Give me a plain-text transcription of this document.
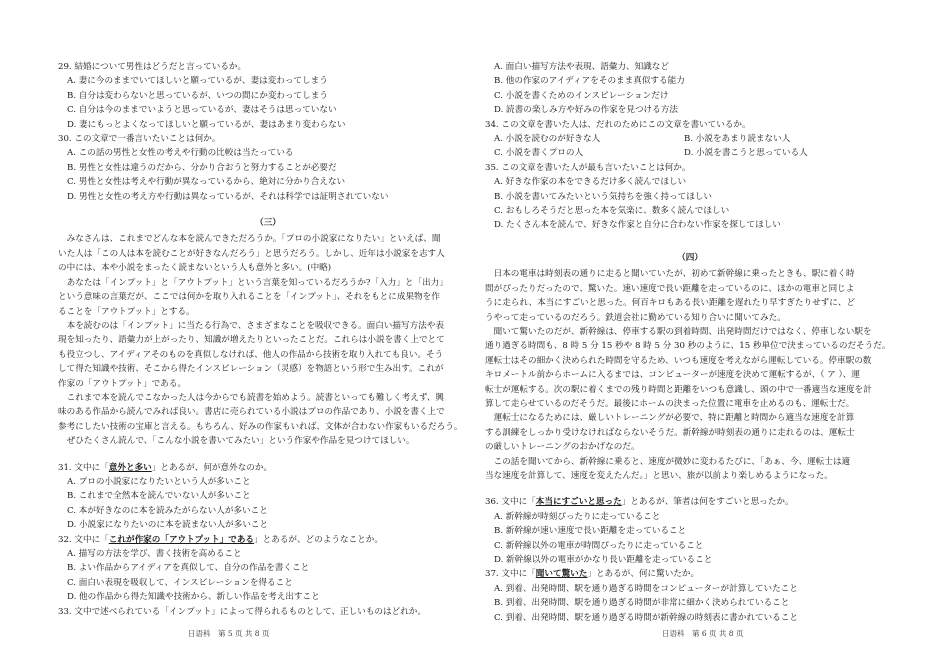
29. 結婚について男性はどうだと言っているか。
A. 妻に今のままでいてほしいと願っているが、妻は変わってしまう
B. 自分は変わらないと思っているが、いつの間にか変わってしまう
C. 自分は今のままでいようと思っているが、妻はそうは思っていない
D. 妻にもっとよくなってほしいと願っているが、妻はあまり変わらない
30. この文章で一番言いたいことは何か。
A. この話の男性と女性の考えや行動の比較は当たっている
B. 男性と女性は違うのだから、分かり合おうと努力することが必要だ
C. 男性と女性は考えや行動が異なっているから、絶対に分かり合えない
D. 男性と女性の考え方や行動は異なっているが、それは科学では証明されていない
（三）
　みなさんは、これまでどんな本を読んできただろうか。「プロの小説家になりたい」といえば、聞
いた人は「この人は本を読むことが好きなんだろう」と思うだろう。しかし、近年は小説家を志す人
の中には、本や小説をまったく読まないという人も意外と多い。(中略)
　あなたは「インプット」と「アウトプット」という言葉を知っているだろうか?「入力」と「出力」
という意味の言葉だが、ここでは何かを取り入れることを「インプット」、それをもとに成果物を作
ることを「アウトプット」とする。
　本を読むのは「インプット」に当たる行為で、さまざまなことを吸収できる。面白い描写方法や表
現を知ったり、語彙力が上がったり、知識が増えたりといったことだ。これらは小説を書く上でとて
も役立つし、アイディアそのものを真似しなければ、他人の作品から技術を取り入れても良い。そう
して得た知識や技術、そこから得たインスピレーション（灵感）を物語という形で生み出す。これが
作家の「アウトプット」である。
　これまで本を読んでこなかった人は今からでも読書を始めよう。読書といっても難しく考えず、興
味のある作品から読んでみれば良い。書店に売られている小説はプロの作品であり、小説を書く上で
参考にしたい技術の宝庫と言える。もちろん、好みの作家もいれば、文体が合わない作家もいるだろう。
　ぜひたくさん読んで、「こんな小説を書いてみたい」という作家や作品を見つけてほしい。
31. 文中に「意外と多い」とあるが、何が意外なのか。
A. プロの小説家になりたいという人が多いこと
B. これまで全然本を読んでいない人が多いこと
C. 本が好きなのに本を読みたがらない人が多いこと
D. 小説家になりたいのに本を読まない人が多いこと
32. 文中に「これが作家の「アウトプット」である」とあるが、どのようなことか。
A. 描写の方法を学び、書く技術を高めること
B. よい作品からアイディアを真似して、自分の作品を書くこと
C. 面白い表現を吸収して、インスピレーションを得ること
D. 他の作品から得た知識や技術から、新しい作品を考え出すこと
33. 文中で述べられている「インプット」によって得られるものとして、正しいものはどれか。
A. 面白い描写方法や表現、語彙力、知識など
B. 他の作家のアイディアをそのまま真似する能力
C. 小説を書くためのインスピレーションだけ
D. 読書の楽しみ方や好みの作家を見つける方法
34. この文章を書いた人は、だれのためにこの文章を書いているか。
A. 小説を読むのが好きな人	B. 小説をあまり読まない人
C. 小説を書くプロの人	D. 小説を書こうと思っている人
35. この文章を書いた人が最も言いたいことは何か。
A. 好きな作家の本をできるだけ多く読んでほしい
B. 小説を書いてみたいという気持ちを強く持ってほしい
C. おもしろそうだと思った本を気楽に、数多く読んでほしい
D. たくさん本を読んで、好きな作家と自分に合わない作家を探してほしい
（四）
　日本の電車は時刻表の通りに走ると聞いていたが、初めて新幹線に乗ったときも、駅に着く時
間がぴったりだったので、驚いた。速い速度で長い距離を走っているのに、ほかの電車と同じよ
うに走られ、本当にすごいと思った。何百キロもある長い距離を遅れたり早すぎたりせずに、ど
うやって走っているのだろう。鉄道会社に勤めている知り合いに聞いてみた。
　聞いて驚いたのだが、新幹線は、停車する駅の到着時間、出発時間だけではなく、停車しない駅を
通り過ぎる時間も、8 時 5 分 15 秒や 8 時 5 分 30 秒のように、15 秒単位で決まっているのだそうだ。
運転士はその細かく決められた時間を守るため、いつも速度を考えながら運転している。停車駅の数
キロメートル前からホームに入るまでは、コンピューターが速度を決めて運転するが、（ ア ）、運
転士が運転する。次の駅に着くまでの残り時間と距離をいつも意識し、頭の中で一番適当な速度を計
算して走らせているのだそうだ。最後にホームの決まった位置に電車を止めるのも、運転士だ。
　運転士になるためには、厳しいトレーニングが必要で、特に距離と時間から適当な速度を計算
する訓練をしっかり受けなければならないそうだ。新幹線が時刻表の通りに走れるのは、運転士
の厳しいトレーニングのおかげなのだ。
　この話を聞いてから、新幹線に乗ると、速度が微妙に変わるたびに、「あぁ、今、運転士は適
当な速度を計算して、速度を変えたんだ。」と思い、旅が以前より楽しめるようになった。
36. 文中に「本当にすごいと思った」とあるが、筆者は何をすごいと思ったか。
A. 新幹線が時刻ぴったりに走っていること
B. 新幹線が速い速度で長い距離を走っていること
C. 新幹線以外の電車が時間ぴったりに走っていること
D. 新幹線以外の電車がかなり長い距離を走っていること
37. 文中に「聞いて驚いた」とあるが、何に驚いたか。
A. 到着、出発時間、駅を通り過ぎる時間をコンピューターが計算していたこと
B. 到着、出発時間、駅を通り過ぎる時間が非常に細かく決められていること
C. 到着、出発時間、駅を通り過ぎる時間が新幹線の時刻表に書かれていること
日语科　第 5 页 共 8 页	日语科　第 6 页 共 8 页
